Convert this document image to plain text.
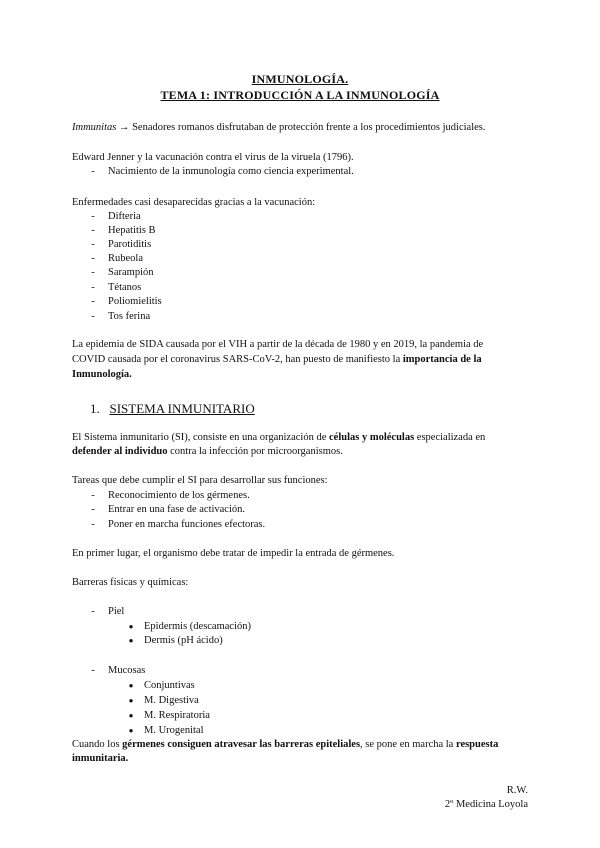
INMUNOLOGÍA.
TEMA 1: INTRODUCCIÓN A LA INMUNOLOGÍA
Immunitas → Senadores romanos disfrutaban de protección frente a los procedimientos judiciales.
Edward Jenner y la vacunación contra el virus de la viruela (1796).
-	Nacimiento de la inmunología como ciencia experimental.
Enfermedades casi desaparecidas gracias a la vacunación:
-	Difteria
-	Hepatitis B
-	Parotiditis
-	Rubeola
-	Sarampión
-	Tétanos
-	Poliomielitis
-	Tos ferina
La epidemia de SIDA causada por el VIH a partir de la década de 1980 y en 2019, la pandemia de
COVID causada por el coronavirus SARS-CoV-2, han puesto de manifiesto la importancia de la
Inmunología.
1. SISTEMA INMUNITARIO
El Sistema inmunitario (SI), consiste en una organización de células y moléculas especializada en
defender al individuo contra la infección por microorganismos.
Tareas que debe cumplir el SI para desarrollar sus funciones:
-	Reconocimiento de los gérmenes.
-	Entrar en una fase de activación.
-	Poner en marcha funciones efectoras.
En primer lugar, el organismo debe tratar de impedir la entrada de gérmenes.
Barreras físicas y químicas:
-	Piel
● Epidermis (descamación)
● Dermis (pH ácido)
-	Mucosas
● Conjuntivas
● M. Digestiva
● M. Respiratoria
● M. Urogenital
Cuando los gérmenes consiguen atravesar las barreras epiteliales, se pone en marcha la respuesta
inmunitaria.
R.W.
2º Medicina Loyola
